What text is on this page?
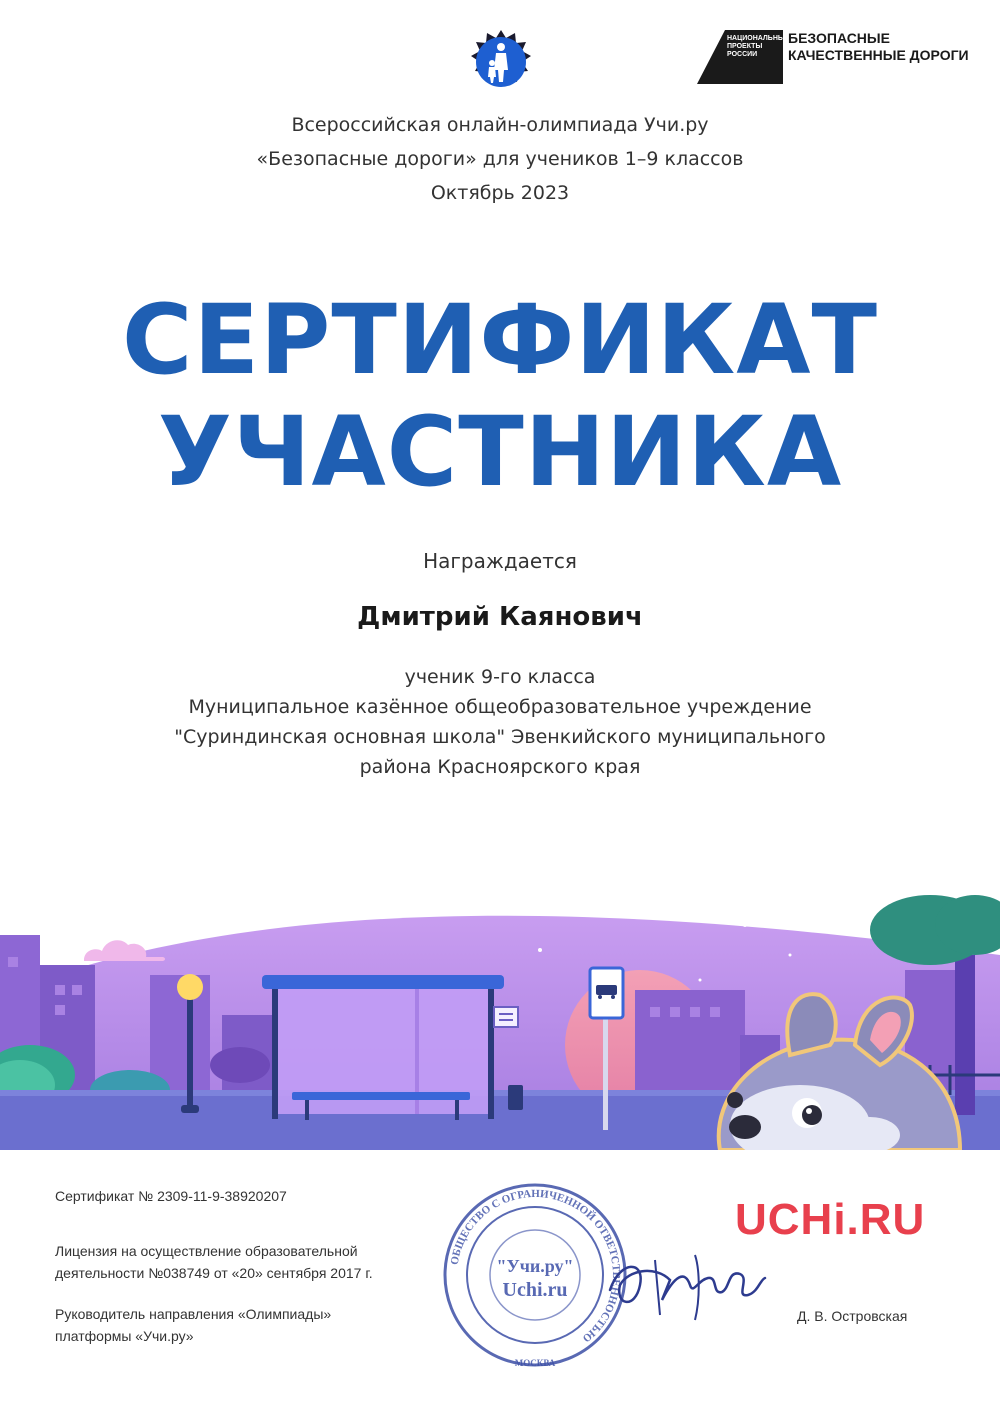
НАЦИОНАЛЬНЫЕ
ПРОЕКТЫ
РОССИИ
БЕЗОПАСНЫЕ
КАЧЕСТВЕННЫЕ ДОРОГИ
Всероссийская онлайн-олимпиада Учи.ру
«Безопасные дороги» для учеников 1–9 классов
Октябрь 2023
СЕРТИФИКАТ
УЧАСТНИКА
Награждается
Дмитрий Каянович
ученик 9-го класса
Муниципальное казённое общеобразовательное учреждение
"Суриндинская основная школа" Эвенкийского муниципального
района Красноярского края
Сертификат № 2309-11-9-38920207
Лицензия на осуществление образовательной
деятельности №038749 от «20» сентября 2017 г.
Руководитель направления «Олимпиады»
платформы «Учи.ру»
UCHi.RU
Д. В. Островская
ОБЩЕСТВО С ОГРАНИЧЕННОЙ ОТВЕТСТВЕННОСТЬЮ
МОСКВА
"Учи.ру"
Uchi.ru
